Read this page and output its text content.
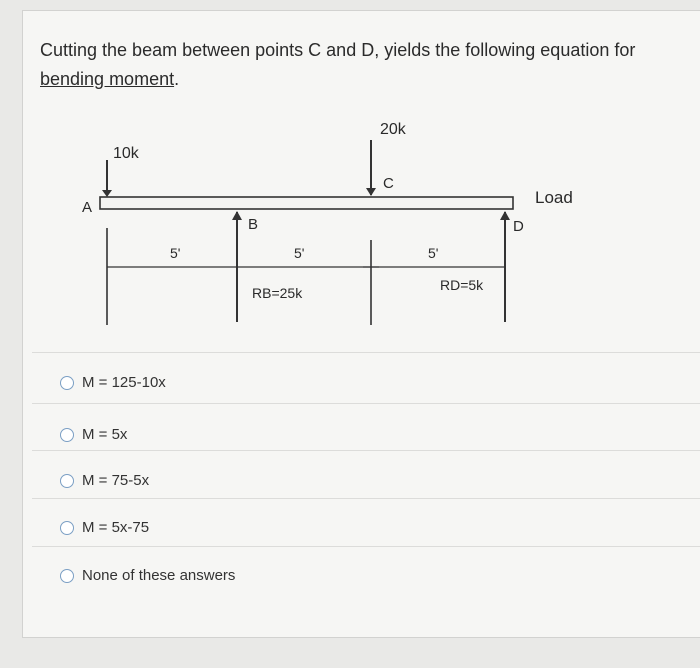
Cutting the beam between points C and D, yields the following equation for bending moment.
10k
A
20k
C
B	D
Load
5'	5'	5'
RB=25k	RD=5k
M = 125-10x
M = 5x
M = 75-5x
M = 5x-75
None of these answers
